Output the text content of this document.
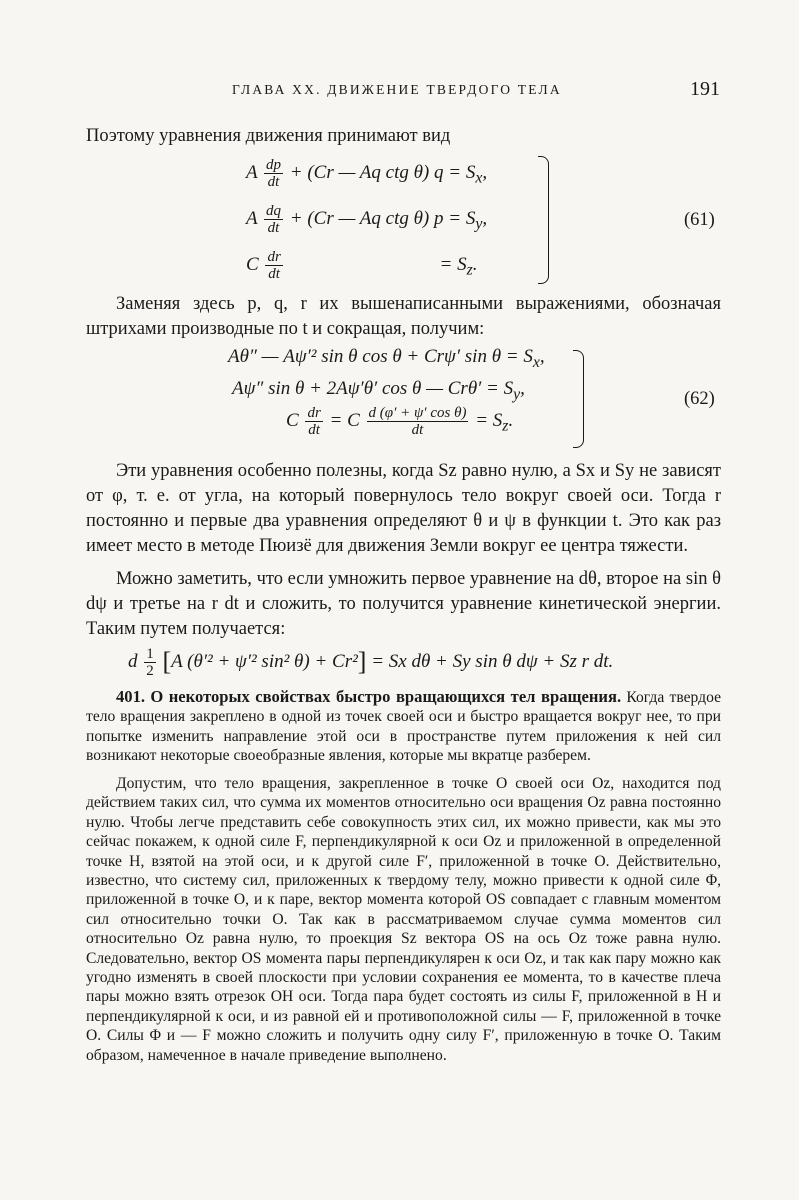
ГЛАВА XX. ДВИЖЕНИЕ ТВЕРДОГО ТЕЛА	191
Поэтому уравнения движения принимают вид
A $\frac{dp}{dt} + (Cr$ — Aq ctg θ) $q = S_x$,
A $\frac{dq}{dt} + (Cr$ — Aq ctg θ) $p = S_y$,
C $\frac{dr}{dt}$	= $S_z$.
(61)
Заменяя здесь p, q, r их вышенаписанными выражениями, обозначая штрихами производные по t и сокращая, получим:
Aθ″ — Aψ′² sin θ cos θ + Crψ′ $\sin \theta = S_x$,
Aψ″ sin θ + 2Aψ′θ′ cos θ — $Cr\theta' = S_y$,
C $\frac{dr}{dt} = C \frac{\text{d (φ′ + ψ′ cos θ)}}{dt} = S_z$.
(62)
Эти уравнения особенно полезны, когда Sz равно нулю, а Sx и Sy не зависят от φ, т. е. от угла, на который повернулось тело вокруг своей оси. Тогда r постоянно и первые два уравнения определяют θ и ψ в функции t. Это как раз имеет место в методе Пюизё для движения Земли вокруг ее центра тяжести.
Можно заметить, что если умножить первое уравнение на dθ, второе на sin θ dψ и третье на r dt и сложить, то получится уравнение кинетической энергии. Таким путем получается:
d $\frac{1}{2} [A$ (θ′² + ψ′² sin² θ) + Cr²] = Sx dθ + Sy sin θ dψ + Sz r dt.
401. О некоторых свойствах быстро вращающихся тел вращения. Когда твердое тело вращения закреплено в одной из точек своей оси и быстро вращается вокруг нее, то при попытке изменить направление этой оси в пространстве путем приложения к ней сил возникают некоторые своеобразные явления, которые мы вкратце разберем.
Допустим, что тело вращения, закрепленное в точке O своей оси Oz, находится под действием таких сил, что сумма их моментов относительно оси вращения Oz равна постоянно нулю. Чтобы легче представить себе совокупность этих сил, их можно привести, как мы это сейчас покажем, к одной силе F, перпендикулярной к оси Oz и приложенной в определенной точке H, взятой на этой оси, и к другой силе F′, приложенной в точке O. Действительно, известно, что систему сил, приложенных к твердому телу, можно привести к одной силе Φ, приложенной в точке O, и к паре, вектор момента которой OS совпадает с главным моментом сил относительно точки O. Так как в рассматриваемом случае сумма моментов сил относительно Oz равна нулю, то проекция Sz вектора OS на ось Oz тоже равна нулю. Следовательно, вектор OS момента пары перпендикулярен к оси Oz, и так как пару можно как угодно изменять в своей плоскости при условии сохранения ее момента, то в качестве плеча пары можно взять отрезок OH оси. Тогда пара будет состоять из силы F, приложенной в H и перпендикулярной к оси, и из равной ей и противоположной силы — F, приложенной в точке O. Силы Φ и — F можно сложить и получить одну силу F′, приложенную в точке O. Таким образом, намеченное в начале приведение выполнено.
